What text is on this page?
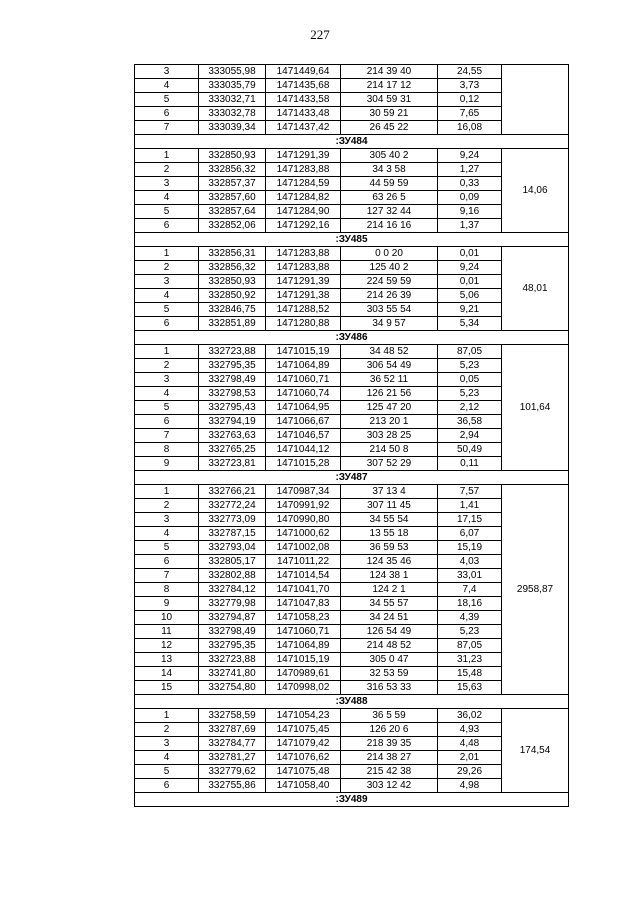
227
3	333055,98	1471449,64	214 39 40	24,55	
4	333035,79	1471435,68	214 17 12	3,73	
5	333032,71	1471433,58	304 59 31	0,12	
6	333032,78	1471433,48	30 59 21	7,65	
7	333039,34	1471437,42	26 45 22	16,08	
:ЗУ484					
1	332850,93	1471291,39	305 40 2	9,24	14,06
2	332856,32	1471283,88	34 3 58	1,27	
3	332857,37	1471284,59	44 59 59	0,33	
4	332857,60	1471284,82	63 26 5	0,09	
5	332857,64	1471284,90	127 32 44	9,16	
6	332852,06	1471292,16	214 16 16	1,37	
:ЗУ485					
1	332856,31	1471283,88	0 0 20	0,01	48,01
2	332856,32	1471283,88	125 40 2	9,24	
3	332850,93	1471291,39	224 59 59	0,01	
4	332850,92	1471291,38	214 26 39	5,06	
5	332846,75	1471288,52	303 55 54	9,21	
6	332851,89	1471280,88	34 9 57	5,34	
:ЗУ486					
1	332723,88	1471015,19	34 48 52	87,05	101,64
2	332795,35	1471064,89	306 54 49	5,23	
3	332798,49	1471060,71	36 52 11	0,05	
4	332798,53	1471060,74	126 21 56	5,23	
5	332795,43	1471064,95	125 47 20	2,12	
6	332794,19	1471066,67	213 20 1	36,58	
7	332763,63	1471046,57	303 28 25	2,94	
8	332765,25	1471044,12	214 50 8	50,49	
9	332723,81	1471015,28	307 52 29	0,11	
:ЗУ487					
1	332766,21	1470987,34	37 13 4	7,57	2958,87
2	332772,24	1470991,92	307 11 45	1,41	
3	332773,09	1470990,80	34 55 54	17,15	
4	332787,15	1471000,62	13 55 18	6,07	
5	332793,04	1471002,08	36 59 53	15,19	
6	332805,17	1471011,22	124 35 46	4,03	
7	332802,88	1471014,54	124 38 1	33,01	
8	332784,12	1471041,70	124 2 1	7,4	
9	332779,98	1471047,83	34 55 57	18,16	
10	332794,87	1471058,23	34 24 51	4,39	
11	332798,49	1471060,71	126 54 49	5,23	
12	332795,35	1471064,89	214 48 52	87,05	
13	332723,88	1471015,19	305 0 47	31,23	
14	332741,80	1470989,61	32 53 59	15,48	
15	332754,80	1470998,02	316 53 33	15,63	
:ЗУ488					
1	332758,59	1471054,23	36 5 59	36,02	174,54
2	332787,69	1471075,45	126 20 6	4,93	
3	332784,77	1471079,42	218 39 35	4,48	
4	332781,27	1471076,62	214 38 27	2,01	
5	332779,62	1471075,48	215 42 38	29,26	
6	332755,86	1471058,40	303 12 42	4,98	
:ЗУ489					
